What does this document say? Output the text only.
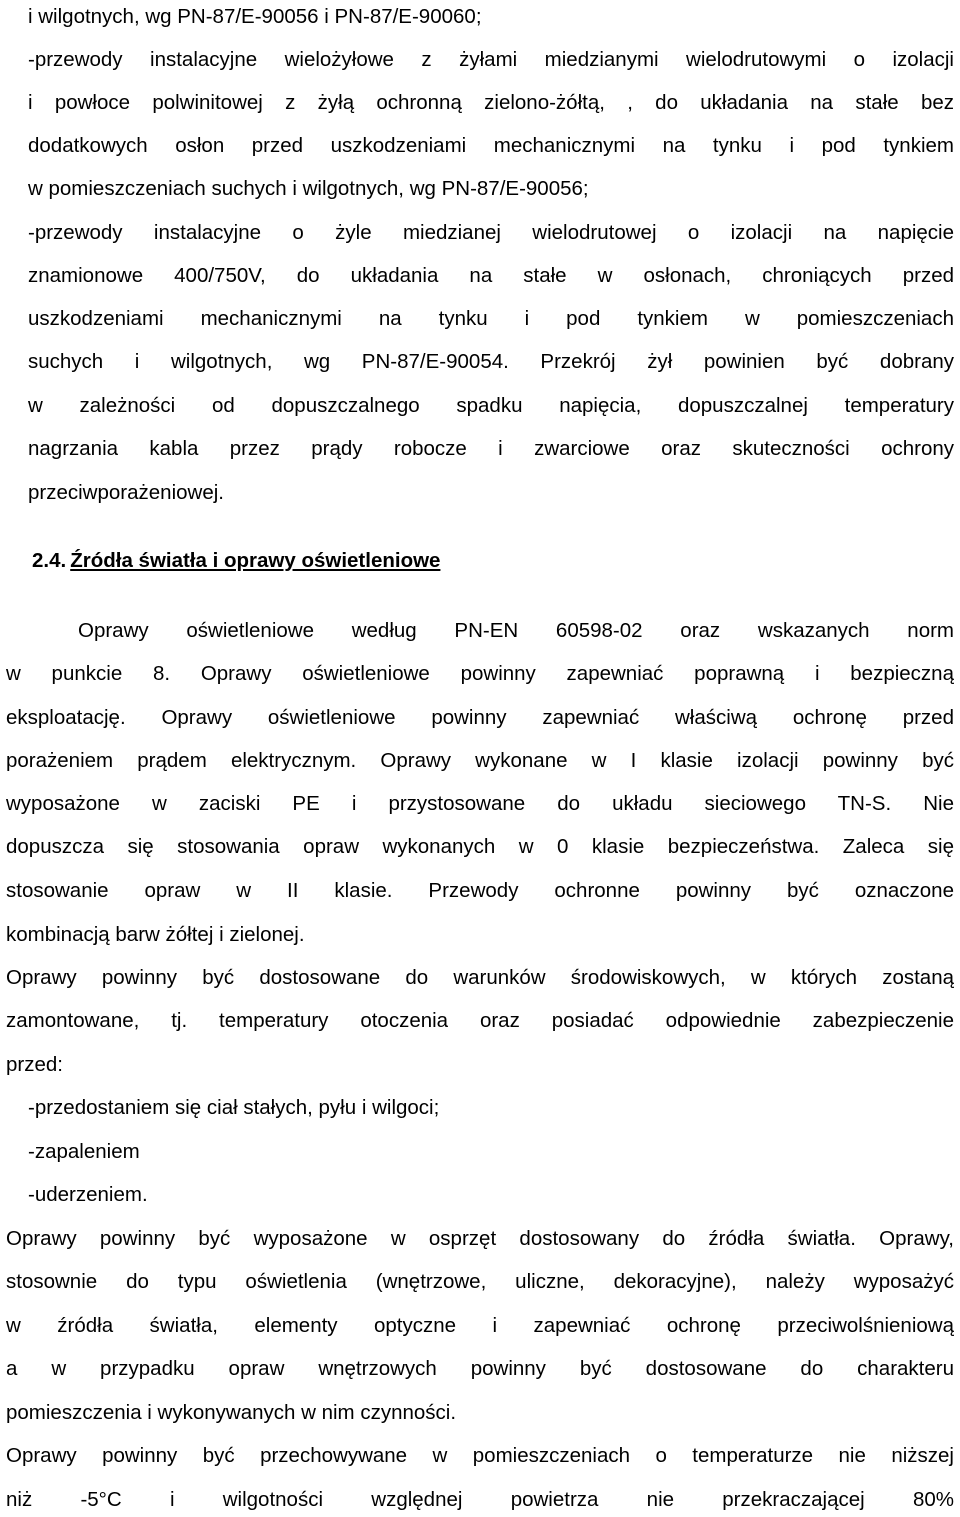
i wilgotnych, wg PN-87/E-90056 i PN-87/E-90060;
-przewody instalacyjne wielożyłowe z żyłami miedzianymi wielodrutowymi o izolacji
i powłoce polwinitowej z żyłą ochronną zielono-żółtą, , do układania na stałe bez
dodatkowych osłon przed uszkodzeniami mechanicznymi na tynku i pod tynkiem
w pomieszczeniach suchych i wilgotnych, wg PN-87/E-90056;
-przewody instalacyjne o żyle miedzianej wielodrutowej o izolacji na napięcie
znamionowe 400/750V, do układania na stałe w osłonach, chroniących przed
uszkodzeniami mechanicznymi na tynku i pod tynkiem w pomieszczeniach
suchych i wilgotnych, wg PN-87/E-90054. Przekrój żył powinien być dobrany
w zależności od dopuszczalnego spadku napięcia, dopuszczalnej temperatury
nagrzania kabla przez prądy robocze i zwarciowe oraz skuteczności ochrony
przeciwporażeniowej.
2.4. Źródła światła i oprawy oświetleniowe
Oprawy oświetleniowe według PN-EN 60598-02 oraz wskazanych norm
w punkcie 8. Oprawy oświetleniowe powinny zapewniać poprawną i bezpieczną
eksploatację. Oprawy oświetleniowe powinny zapewniać właściwą ochronę przed
porażeniem prądem elektrycznym. Oprawy wykonane w I klasie izolacji powinny być
wyposażone w zaciski PE i przystosowane do układu sieciowego TN-S. Nie
dopuszcza się stosowania opraw wykonanych w 0 klasie bezpieczeństwa. Zaleca się
stosowanie opraw w II klasie. Przewody ochronne powinny być oznaczone
kombinacją barw żółtej i zielonej.
Oprawy powinny być dostosowane do warunków środowiskowych, w których zostaną
zamontowane, tj. temperatury otoczenia oraz posiadać odpowiednie zabezpieczenie
przed:
-przedostaniem się ciał stałych, pyłu i wilgoci;
-zapaleniem
-uderzeniem.
Oprawy powinny być wyposażone w osprzęt dostosowany do źródła światła. Oprawy,
stosownie do typu oświetlenia (wnętrzowe, uliczne, dekoracyjne), należy wyposażyć
w źródła światła, elementy optyczne i zapewniać ochronę przeciwolśnieniową
a w przypadku opraw wnętrzowych powinny być dostosowane do charakteru
pomieszczenia i wykonywanych w nim czynności.
Oprawy powinny być przechowywane w pomieszczeniach o temperaturze nie niższej
niż -5°C i wilgotności względnej powietrza nie przekraczającej 80%
